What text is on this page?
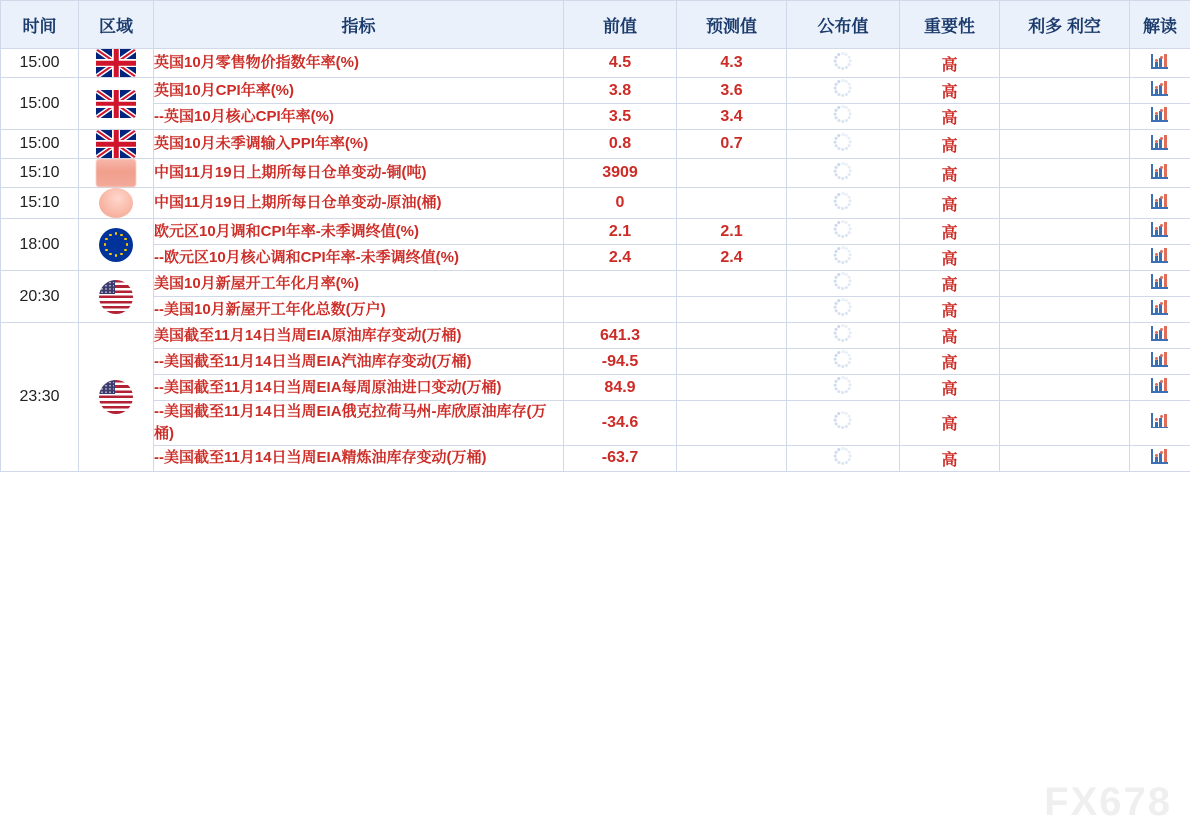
时间	区域	指标	前值	预测值	公布值	重要性	利多 利空	解读
15:00		英国10月零售物价指数年率(%)	4.5	4.3		高		

15:00		英国10月CPI年率(%)	3.8	3.6		高		

		--英国10月核心CPI年率(%)	3.5	3.4		高		

15:00		英国10月未季调输入PPI年率(%)	0.8	0.7		高		

15:10		中国11月19日上期所每日仓单变动-铜(吨)	3909			高		

15:10		中国11月19日上期所每日仓单变动-原油(桶)	0			高		

18:00		欧元区10月调和CPI年率-未季调终值(%)	2.1	2.1		高		

		--欧元区10月核心调和CPI年率-未季调终值(%)	2.4	2.4		高		

20:30		美国10月新屋开工年化月率(%)				高		

		--美国10月新屋开工年化总数(万户)				高		

23:30		美国截至11月14日当周EIA原油库存变动(万桶)	641.3			高		

		--美国截至11月14日当周EIA汽油库存变动(万桶)	-94.5			高		

		--美国截至11月14日当周EIA每周原油进口变动(万桶)	84.9			高		

		--美国截至11月14日当周EIA俄克拉荷马州-库欣原油库存(万桶)	-34.6			高		

		--美国截至11月14日当周EIA精炼油库存变动(万桶)	-63.7			高		
FX678
